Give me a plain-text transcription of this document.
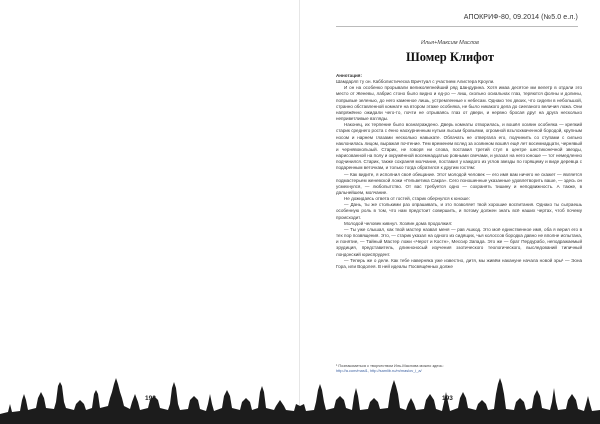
АПОКРИФ-80, 09.2014 (№5.0 е.л.)
Илья+Максим Маслов
Шомер Клифот

Аннотация:

Шамдарлп ту он. Кабболистическа Вричтуал с участием Алистера Кроули.

И он на особенко прорывали великолепнейший ряд Шандурина. Хотя имаа десятое ми велетр в отдали это место от Женевы, лабрис стоно было видно и ед-ро — лиш, скольно осиальнах глаз, теряются фолны и долины, попрывые зеленью, до него каменное лишь, устремленные к небесам. Однако тех двоих, что сидели в небольшой, странно обставленной комнате на втором этаже особняка, не было никакого дела до сиеланого величия ложа. Они напряжённо ожидали чего-то, почти не отрываясь глаз от двери, и нервно бросая друг на друга несколько неприветливые взгляды.

Наконец, их терпение было вознаграждено. Дверь комнаты отворилась, и вошёл хозяин особняка — крепкий старик среднего роста с ённо наохурненным нутым лысым бровьями, огромной взълохмаченной бородой, крупным носом и нарнем глазами несколько навыкате. Облачать не отвергала его, подчинить со ступами с сильно наклонилась лицом, выражая почтение. Тем временем вслед за хозяином вошёл ещё лет восемнадцати, чернявый и чернявокользый. Старик, не говоря ни слова, поставил третий стул в центре шестиконечной звезды, нарисованной на полу и окружённой восемнадцатью ровными свечами, и указал на него юноше — тот немедленно подчинился. Старик, также сохраняя молчание, поставил у каждого из углов звезды по горящему и виде деревца с подаренным веточкам, и только тогда обратился к другим гостям:

— Как видите, я исполнил своё обещание. Этот молодой человек — его имя вам ничего не скажет — является подмастерьем женевской ложи «Гельветика Сакра». Сего поношенные указанные удовлетворить ваше, — здесь он усмехнулся, — любопытство. От вас требуется одно — сохранять тишину и неподвижность. А также, в дальнейшем, молчание.

Не дожидаясь ответа от гостей, старик обернулся к юноше:

— Дань, ты же столькими раз опрашивать, и это позволяет твой хорошие воспитания. Однако ты сыграешь особенную роль в том, что нам предстоит совершить, и потому должен знать всё наших чертах, чтоб почему происходит.

Молодой человек кивнул. Хозяин дома продолжил:

— Ты уже слышал, как твой мастер назвал меня — рав Ашкод. Это моё единственное имя, оба я верил его в тех пор позвящения. Это, — старик указал на одного из сидящих, чья колоссов бородка давно не вполне испытана, и понятие, — Тайный Мастер ложи «Черот и Костн», Мессир Запада. Это же — брат Пердурабо, неподражаемый эрудиция, представитель, длинноносый изучения эзотического теологического, выследований типичный лондонский юриспрудент.

— Теперь же о деле. Как тебе наверняка уже известно, дитя, мы живём накануне начала новой эры¹ — Эона Гора, или Водолея. В ней идеалы Посвящённых долже

¹ Познакомиться с творчеством Иль-Маслова можно здесь:
http://a.com/masl1, http://samlib.ru/m/maslov_i_a/
192	193
